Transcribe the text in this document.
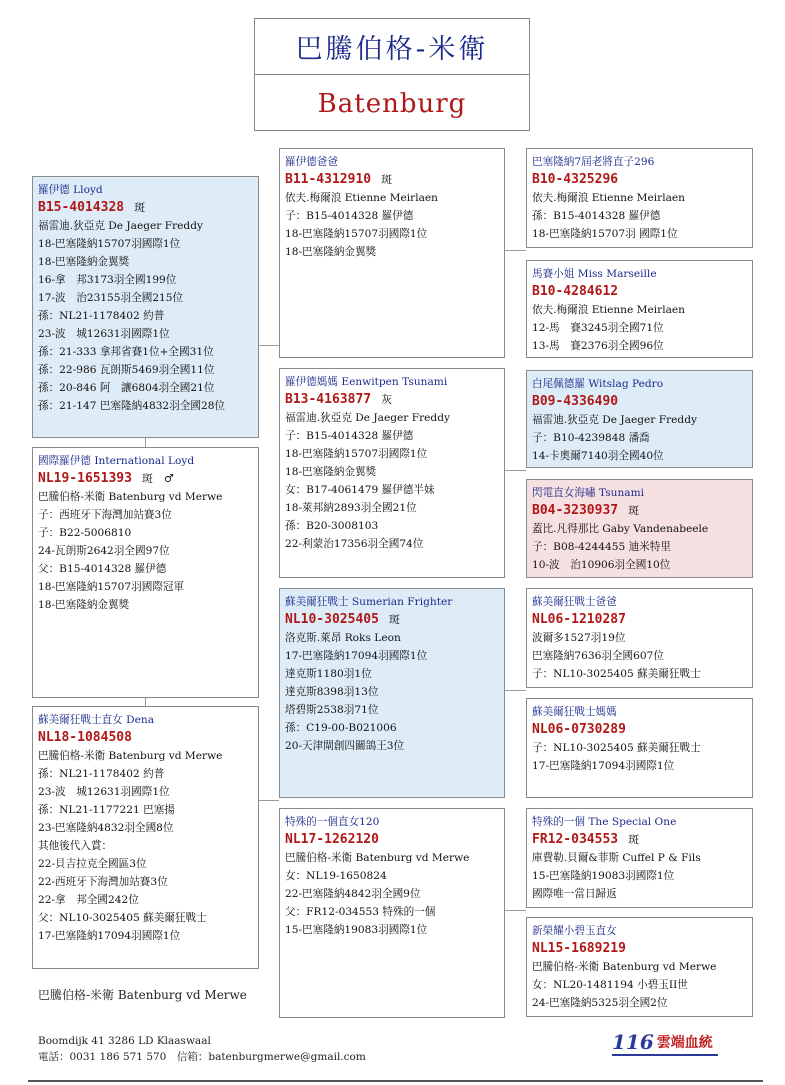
巴騰伯格-米衛
Batenburg
羅伊德 Lloyd
B15-4014328 斑
福雷迪.狄亞克 De Jaeger Freddy
18-巴塞隆納15707羽國際1位
18-巴塞隆納金翼獎
16-拿　邦3173羽全國199位
17-波　治23155羽全國215位
孫：NL21-1178402 約普
23-波　城12631羽國際1位
孫：21-333 拿邦省賽1位+全國31位
孫：22-986 瓦朗斯5469羽全國11位
孫：20-846 阿　讓6804羽全國21位
孫：21-147 巴塞隆納4832羽全國28位
國際羅伊德 International Loyd
NL19-1651393 斑　♂
巴騰伯格-米衛 Batenburg vd Merwe
子：西班牙下海灣加站賽3位
子：B22-5006810
24-瓦朗斯2642羽全國97位
父：B15-4014328 羅伊德
18-巴塞隆納15707羽國際冠軍
18-巴塞隆納金翼獎
蘇美爾狂戰士直女 Dena
NL18-1084508
巴騰伯格-米衛 Batenburg vd Merwe
孫：NL21-1178402 約普
23-波　城12631羽國際1位
孫：NL21-1177221 巴塞揚
23-巴塞隆納4832羽全國8位
其他後代入賞：
22-貝吉拉克全國區3位
22-西班牙下海灣加站賽3位
22-拿　邦全國242位
父：NL10-3025405 蘇美爾狂戰士
17-巴塞隆納17094羽國際1位
羅伊德爸爸
B11-4312910 斑
依夫.梅爾浪 Etienne Meirlaen
子：B15-4014328 羅伊德
18-巴塞隆納15707羽國際1位
18-巴塞隆納金翼獎
羅伊德媽媽 Eenwitpen Tsunami
B13-4163877 灰
福雷迪.狄亞克 De Jaeger Freddy
子：B15-4014328 羅伊德
18-巴塞隆納15707羽國際1位
18-巴塞隆納金翼獎
女：B17-4061479 羅伊德半妹
18-萊邦納2893羽全國21位
孫：B20-3008103
22-利蒙治17356羽全國74位
蘇美爾狂戰士 Sumerian Frighter
NL10-3025405 斑
洛克斯.萊昂 Roks Leon
17-巴塞隆納17094羽國際1位
達克斯1180羽1位
達克斯8398羽13位
塔碧斯2538羽71位
孫：C19-00-B021006
20-天津閘創四關鴿王3位
特殊的一個直女120
NL17-1262120
巴騰伯格-米衛 Batenburg vd Merwe
女：NL19-1650824
22-巴塞隆納4842羽全國9位
父：FR12-034553 特殊的一個
15-巴塞隆納19083羽國際1位
巴塞隆納7屆老將直子296
B10-4325296
依夫.梅爾浪 Etienne Meirlaen
孫：B15-4014328 羅伊德
18-巴塞隆納15707羽 國際1位
馬賽小姐 Miss Marseille
B10-4284612
依夫.梅爾浪 Etienne Meirlaen
12-馬　賽3245羽全國71位
13-馬　賽2376羽全國96位
白尾佩德羅 Witslag Pedro
B09-4336490
福雷迪.狄亞克 De Jaeger Freddy
子：B10-4239848 潘喬
14-卡奧爾7140羽全國40位
閃電直女海嘯 Tsunami
B04-3230937 斑
蓋比.凡得那比 Gaby Vandenabeele
子：B08-4244455 迪米特里
10-波　治10906羽全國10位
蘇美爾狂戰士爸爸
NL06-1210287
波爾多1527羽19位
巴塞隆納7636羽全國607位
子：NL10-3025405 蘇美爾狂戰士
蘇美爾狂戰士媽媽
NL06-0730289
子：NL10-3025405 蘇美爾狂戰士
17-巴塞隆納17094羽國際1位
特殊的一個 The Special One
FR12-034553 斑
庫費勒.貝爾&菲斯 Cuffel P & Fils
15-巴塞隆納19083羽國際1位
國際唯一當日歸返
新榮耀小碧玉直女
NL15-1689219
巴騰伯格-米衛 Batenburg vd Merwe
女：NL20-1481194 小碧玉II世
24-巴塞隆納5325羽全國2位
巴騰伯格-米衛 Batenburg vd Merwe
Boomdijk 41 3286 LD Klaaswaal
電話：0031 186 571 570　信箱：batenburgmerwe@gmail.com
116 雲端血統
